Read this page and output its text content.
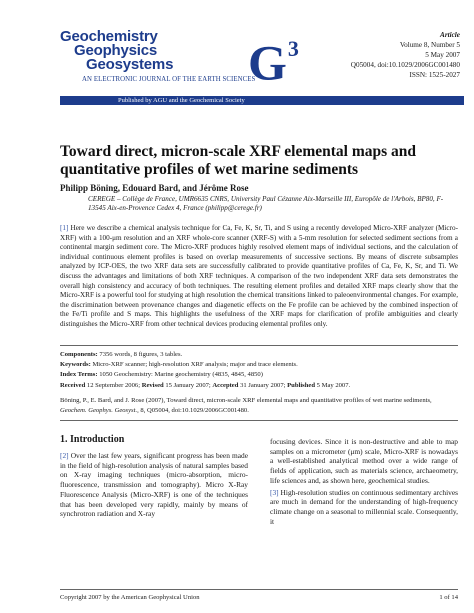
Geochemistry
Geophysics
Geosystems $G^3$
AN ELECTRONIC JOURNAL OF THE EARTH SCIENCES
Published by AGU and the Geochemical Society
Article
Volume 8, Number 5
5 May 2007
Q05004, doi:10.1029/2006GC001480
ISSN: 1525-2027
Toward direct, micron-scale XRF elemental maps and quantitative profiles of wet marine sediments
Philipp Böning, Edouard Bard, and Jérôme Rose
CEREGE – Collège de France, UMR6635 CNRS, University Paul Cézanne Aix-Marseille III, Europôle de l'Arbois, BP80, F-13545 Aix-en-Provence Cedex 4, France (philipp@cerege.fr)
[1] Here we describe a chemical analysis technique for Ca, Fe, K, Sr, Ti, and S using a recently developed Micro-XRF analyzer (Micro-XRF) with a 100-μm resolution and an XRF whole-core scanner (XRF-S) with a 5-mm resolution for selected sediment sections from a continental margin sediment core. The Micro-XRF produces highly resolved element maps of individual sections, and the calculation of individual continuous element profiles is based on overlap measurements of successive sections. By means of discrete subsamples analyzed by ICP-OES, the two XRF data sets are successfully calibrated to provide quantitative profiles of Ca, Fe, K, Sr, and Ti. We discuss the advantages and limitations of both XRF techniques. A comparison of the two independent XRF data sets demonstrates the overall high consistency and accuracy of both techniques. The resulting element profiles and detailed XRF maps clearly show that the Micro-XRF is a powerful tool for studying at high resolution the chemical transitions linked to paleoenvironmental changes. For example, the discrimination between provenance changes and diagenetic effects on the Fe profile can be achieved by the combined inspection of the Fe/Ti profile and S maps. This highlights the usefulness of the XRF maps for clarification of profile ambiguities and clearly distinguishes the Micro-XRF from other technical devices producing elemental profiles only.
Components: 7356 words, 8 figures, 3 tables.
Keywords: Micro-XRF scanner; high-resolution XRF analysis; major and trace elements.
Index Terms: 1050 Geochemistry: Marine geochemistry (4835, 4845, 4850)
Received 12 September 2006; Revised 15 January 2007; Accepted 31 January 2007; Published 5 May 2007.
Böning, P., E. Bard, and J. Rose (2007), Toward direct, micron-scale XRF elemental maps and quantitative profiles of wet marine sediments, Geochem. Geophys. Geosyst., 8, Q05004, doi:10.1029/2006GC001480.
1. Introduction
[2] Over the last few years, significant progress has been made in the field of high-resolution analysis of natural samples based on X-ray imaging techniques (micro-absorption, micro-fluorescence, transmission and tomography). Micro X-Ray Fluorescence Analysis (Micro-XRF) is one of the techniques that has been developed very rapidly, mainly by means of synchrotron radiation and X-ray
focusing devices. Since it is non-destructive and able to map samples on a micrometer (μm) scale, Micro-XRF is nowadays a well-established analytical method over a wide range of fields of application, such as materials science, archaeometry, life sciences and, as shown here, geochemical studies.
[3] High-resolution studies on continuous sedimentary archives are much in demand for the understanding of high-frequency climate change on a seasonal to millennial scale. Consequently, it
Copyright 2007 by the American Geophysical Union	1 of 14
